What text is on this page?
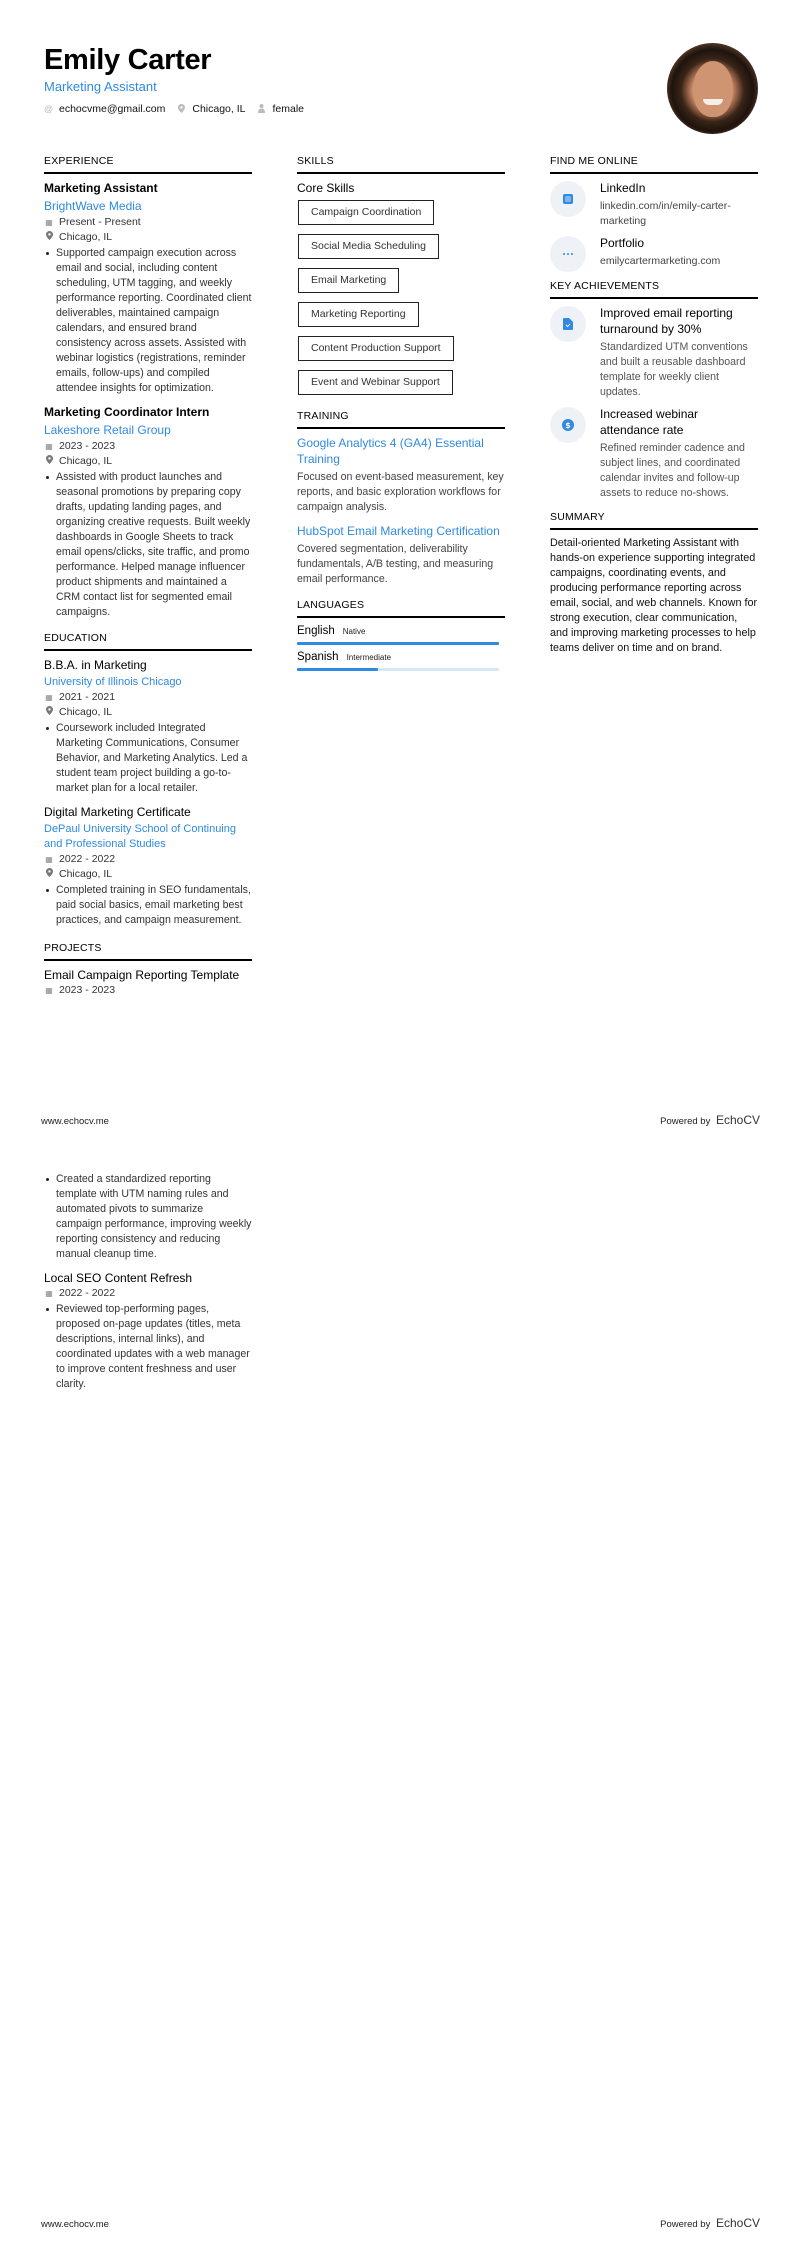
Emily Carter
Marketing Assistant
@ echocvme@gmail.com	Chicago, IL	female
EXPERIENCE
Marketing Assistant
BrightWave Media
▦ Present - Present
Chicago, IL
Supported campaign execution across email and social, including content scheduling, UTM tagging, and weekly performance reporting. Coordinated client deliverables, maintained campaign calendars, and ensured brand consistency across assets. Assisted with webinar logistics (registrations, reminder emails, follow-ups) and compiled attendee insights for optimization.
Marketing Coordinator Intern
Lakeshore Retail Group
▦ 2023 - 2023
Chicago, IL
Assisted with product launches and seasonal promotions by preparing copy drafts, updating landing pages, and organizing creative requests. Built weekly dashboards in Google Sheets to track email opens/clicks, site traffic, and promo performance. Helped manage influencer product shipments and maintained a CRM contact list for segmented email campaigns.
EDUCATION
B.B.A. in Marketing
University of Illinois Chicago
▦ 2021 - 2021
Chicago, IL
Coursework included Integrated Marketing Communications, Consumer Behavior, and Marketing Analytics. Led a student team project building a go-to-market plan for a local retailer.
Digital Marketing Certificate
DePaul University School of Continuing and Professional Studies
▦ 2022 - 2022
Chicago, IL
Completed training in SEO fundamentals, paid social basics, email marketing best practices, and campaign measurement.
PROJECTS
Email Campaign Reporting Template
▦ 2023 - 2023
SKILLS
Core Skills
Campaign Coordination
Social Media Scheduling
Email Marketing
Marketing Reporting
Content Production Support
Event and Webinar Support
TRAINING
Google Analytics 4 (GA4) Essential Training
Focused on event-based measurement, key reports, and basic exploration workflows for campaign analysis.
HubSpot Email Marketing Certification
Covered segmentation, deliverability fundamentals, A/B testing, and measuring email performance.
LANGUAGES
English Native
Spanish Intermediate
FIND ME ONLINE
LinkedIn
linkedin.com/in/emily-carter-marketing
Portfolio
emilycartermarketing.com
KEY ACHIEVEMENTS
Improved email reporting turnaround by 30%
Standardized UTM conventions and built a reusable dashboard template for weekly client updates.
$
Increased webinar attendance rate
Refined reminder cadence and subject lines, and coordinated calendar invites and follow-up assets to reduce no-shows.
SUMMARY
Detail-oriented Marketing Assistant with hands-on experience supporting integrated campaigns, coordinating events, and producing performance reporting across email, social, and web channels. Known for strong execution, clear communication, and improving marketing processes to help teams deliver on time and on brand.
www.echocv.me	Powered by EchoCV
Created a standardized reporting template with UTM naming rules and automated pivots to summarize campaign performance, improving weekly reporting consistency and reducing manual cleanup time.
Local SEO Content Refresh
▦ 2022 - 2022
Reviewed top-performing pages, proposed on-page updates (titles, meta descriptions, internal links), and coordinated updates with a web manager to improve content freshness and user clarity.
www.echocv.me	Powered by EchoCV
